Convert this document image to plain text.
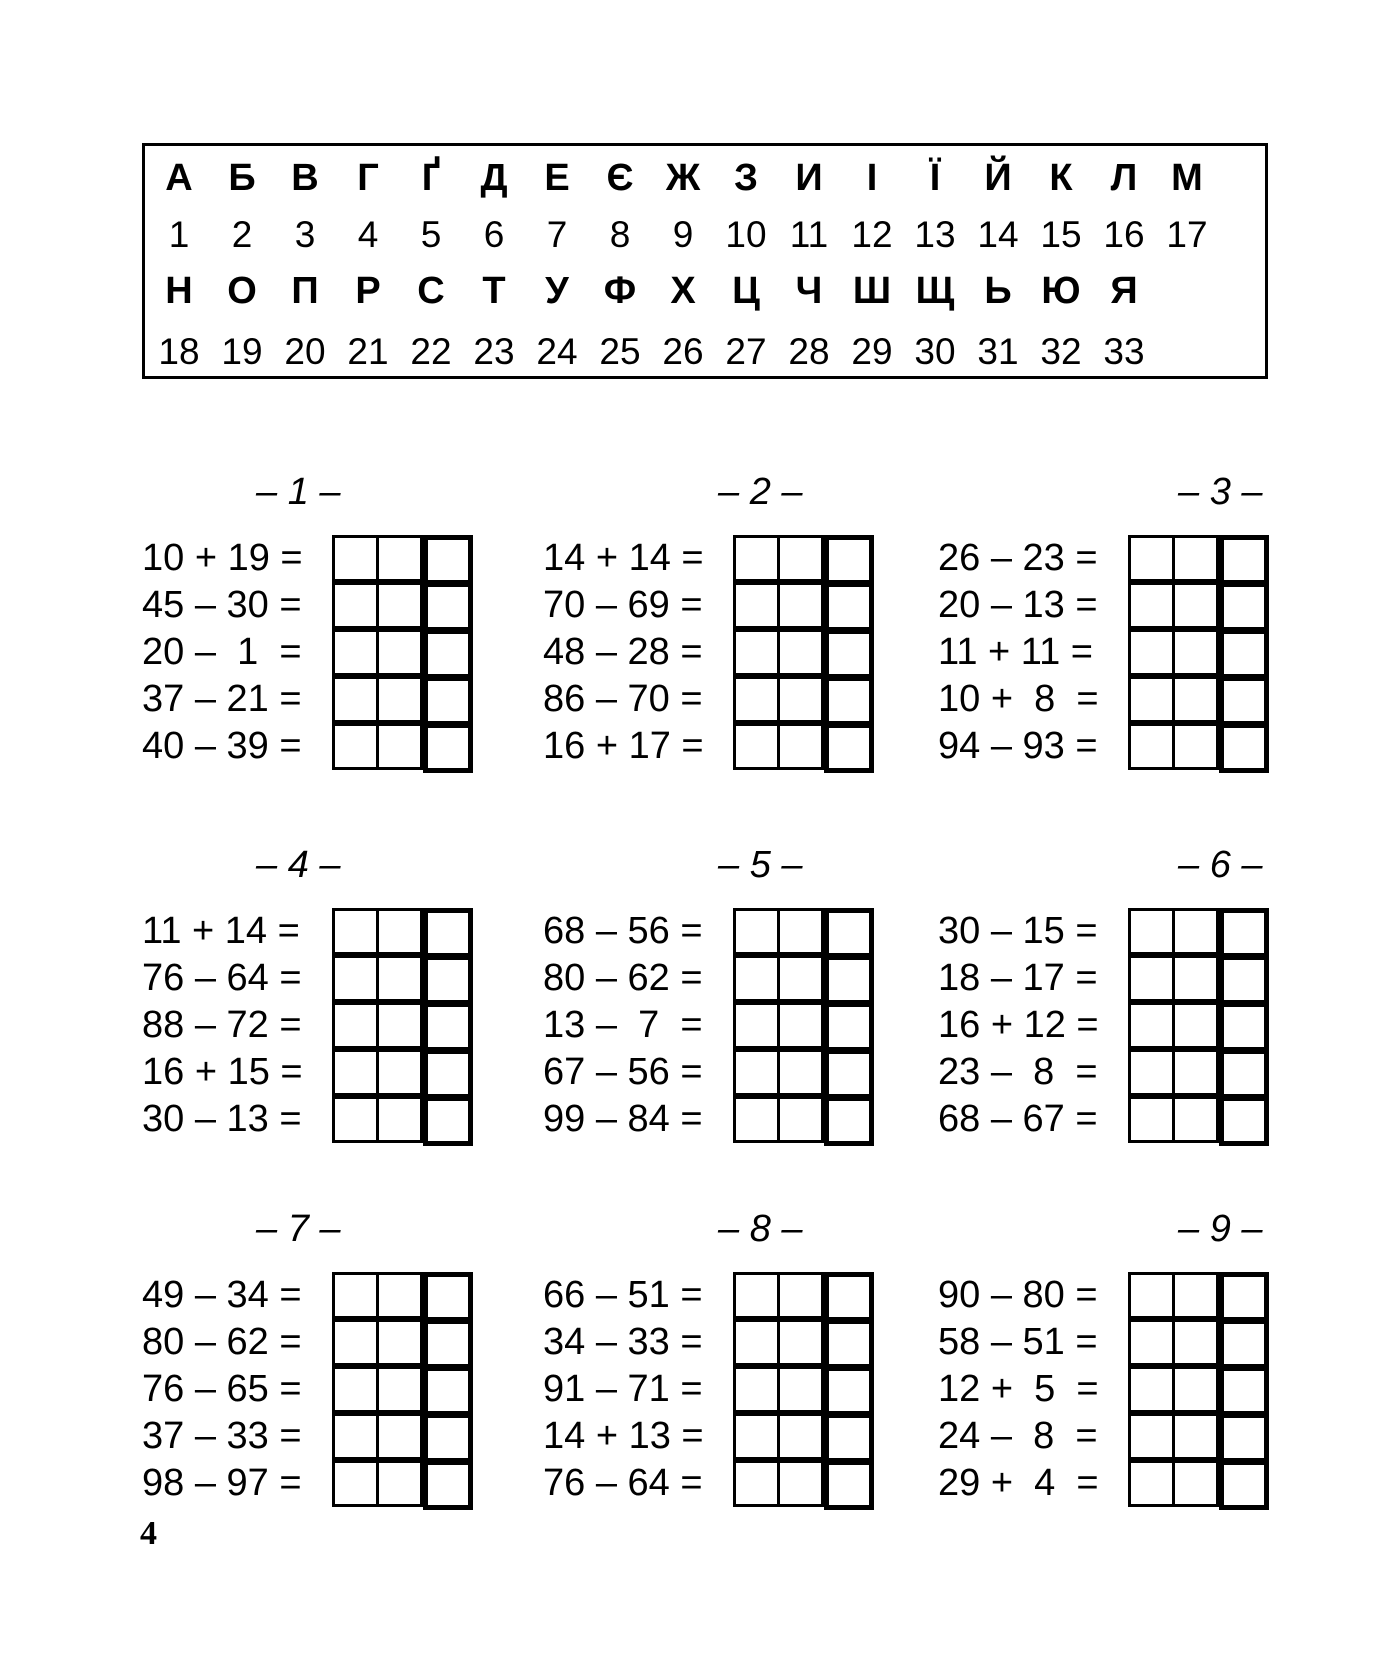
А Б В	Г	Ґ	Д Е Є Ж З И	І	Ї	Й К	Л М
1	2	3	4	5	6	7	8	9 10 11 12 13 14 15 16 17
Н О П Р С Т	У Ф Х Ц Ч Ш Щ Ь Ю Я
18 19 20 21 22 23 24 25 26 27 28 29 30 31 32 33
– 1 –
10 + 19 =
45 – 30 =
20 –  1  =
37 – 21 =
40 – 39 =
– 2 –
14 + 14 =
70 – 69 =
48 – 28 =
86 – 70 =
16 + 17 =
– 3 –
26 – 23 =
20 – 13 =
11 + 11 =
10 +  8  =
94 – 93 =
– 4 –
11 + 14 =
76 – 64 =
88 – 72 =
16 + 15 =
30 – 13 =
– 5 –
68 – 56 =
80 – 62 =
13 –  7  =
67 – 56 =
99 – 84 =
– 6 –
30 – 15 =
18 – 17 =
16 + 12 =
23 –  8  =
68 – 67 =
– 7 –
49 – 34 =
80 – 62 =
76 – 65 =
37 – 33 =
98 – 97 =
– 8 –
66 – 51 =
34 – 33 =
91 – 71 =
14 + 13 =
76 – 64 =
– 9 –
90 – 80 =
58 – 51 =
12 +  5  =
24 –  8  =
29 +  4  =
4
